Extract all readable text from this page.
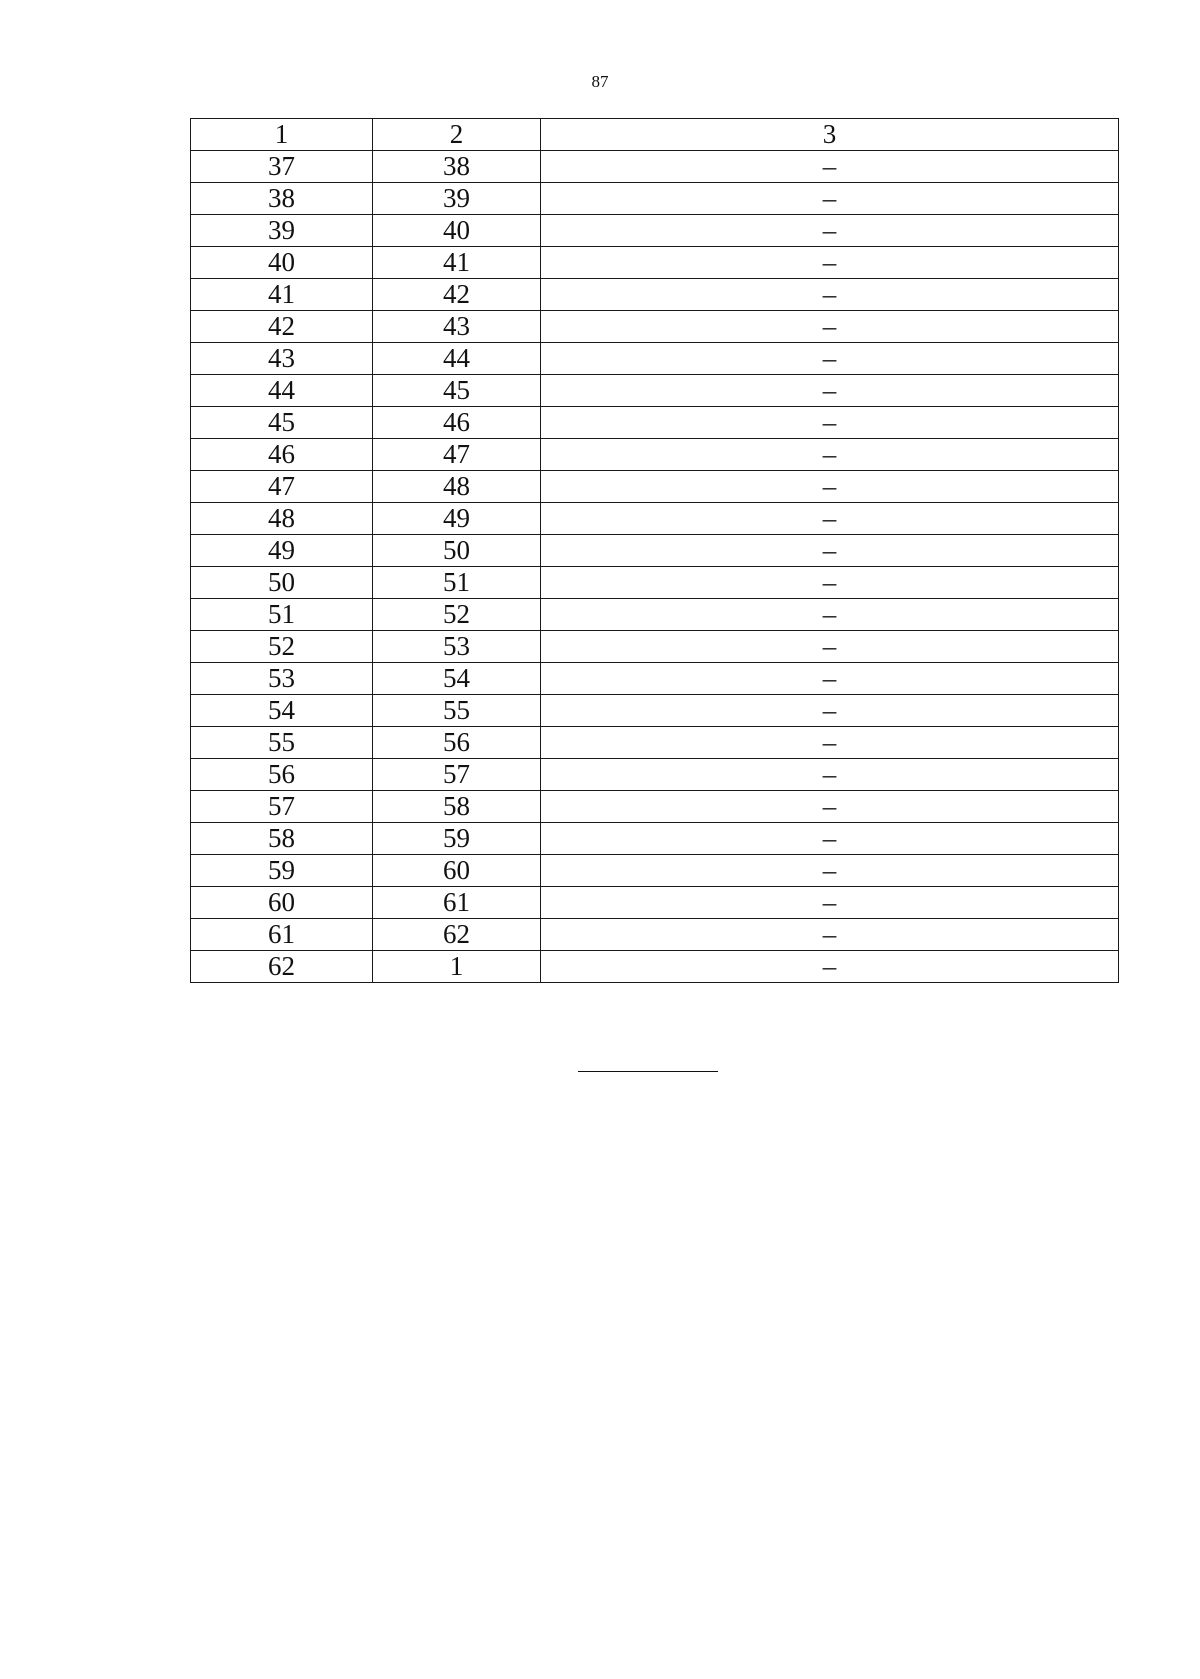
87
1	2	3
37	38	–
38	39	–
39	40	–
40	41	–
41	42	–
42	43	–
43	44	–
44	45	–
45	46	–
46	47	–
47	48	–
48	49	–
49	50	–
50	51	–
51	52	–
52	53	–
53	54	–
54	55	–
55	56	–
56	57	–
57	58	–
58	59	–
59	60	–
60	61	–
61	62	–
62	1	–
